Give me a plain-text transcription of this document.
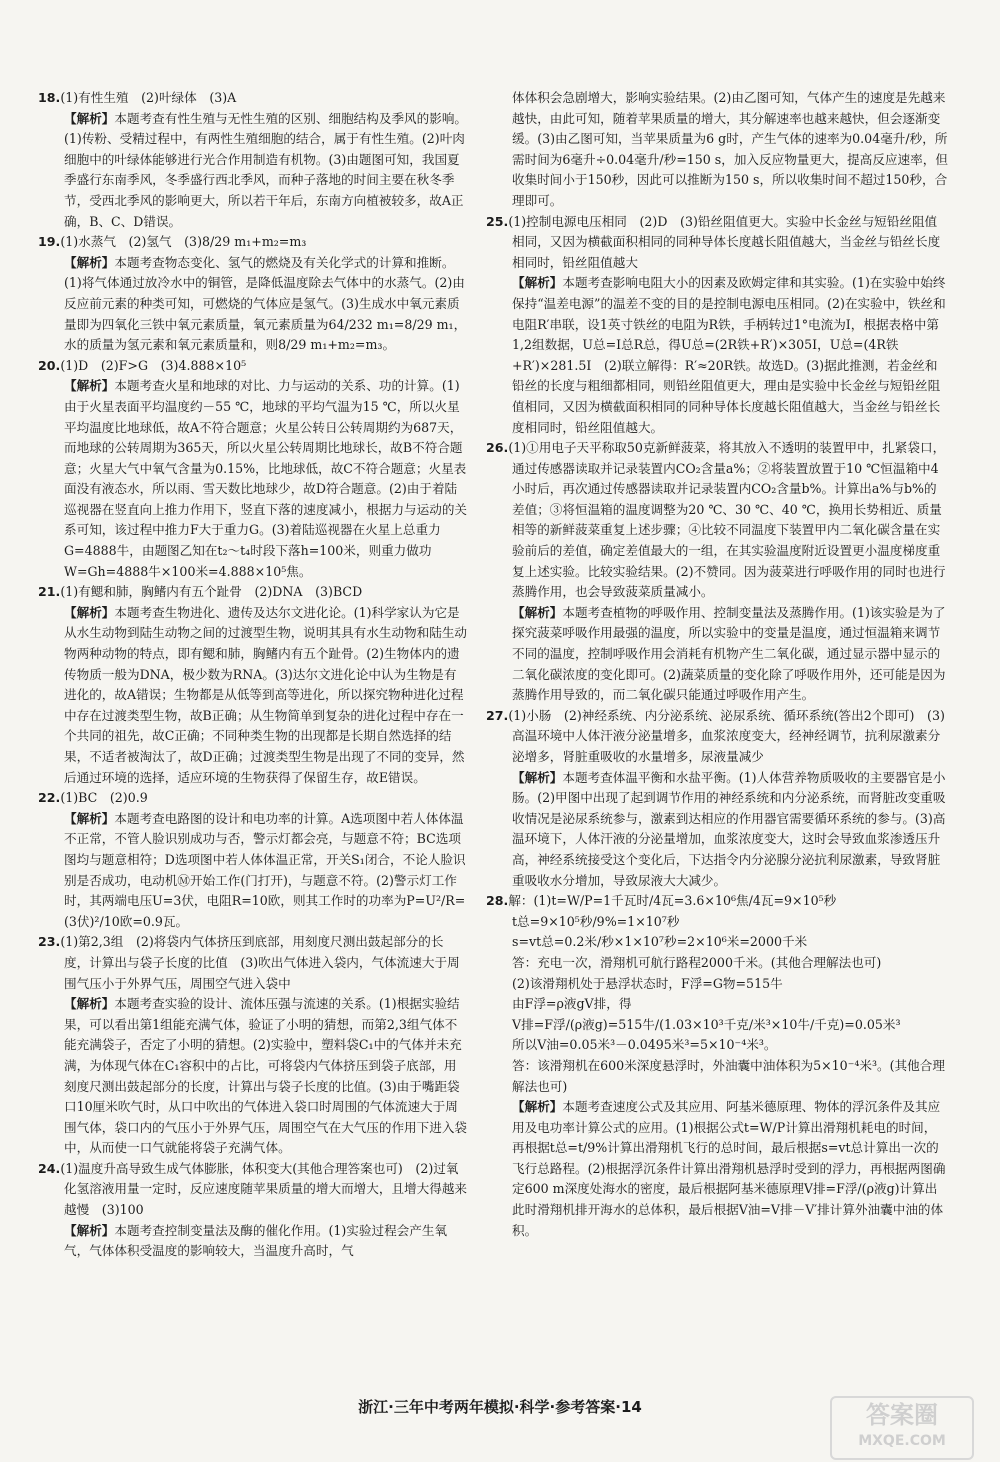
18.(1)有性生殖　(2)叶绿体　(3)A
【解析】本题考查有性生殖与无性生殖的区别、细胞结构及季风的影响。(1)传粉、受精过程中，有两性生殖细胞的结合，属于有性生殖。(2)叶肉细胞中的叶绿体能够进行光合作用制造有机物。(3)由题图可知，我国夏季盛行东南季风，冬季盛行西北季风，而种子落地的时间主要在秋冬季节，受西北季风的影响更大，所以若干年后，东南方向植被较多，故A正确，B、C、D错误。
19.(1)水蒸气　(2)氢气　(3)8/29 m₁+m₂=m₃
【解析】本题考查物态变化、氢气的燃烧及有关化学式的计算和推断。(1)将气体通过放冷水中的铜管，是降低温度除去气体中的水蒸气。(2)由反应前元素的种类可知，可燃烧的气体应是氢气。(3)生成水中氧元素质量即为四氧化三铁中氧元素质量，氧元素质量为64/232 m₁=8/29 m₁，水的质量为氢元素和氧元素质量和，则8/29 m₁+m₂=m₃。
20.(1)D　(2)F>G　(3)4.888×10⁵
【解析】本题考查火星和地球的对比、力与运动的关系、功的计算。(1)由于火星表面平均温度约－55 ℃，地球的平均气温为15 ℃，所以火星平均温度比地球低，故A不符合题意；火星公转日公转周期约为687天，而地球的公转周期为365天，所以火星公转周期比地球长，故B不符合题意；火星大气中氧气含量为0.15%，比地球低，故C不符合题意；火星表面没有液态水，所以雨、雪天数比地球少，故D符合题意。(2)由于着陆巡视器在竖直向上推力作用下，竖直下落的速度减小，根据力与运动的关系可知，该过程中推力F大于重力G。(3)着陆巡视器在火星上总重力G=4888牛，由题图乙知在t₂～t₄时段下落h=100米，则重力做功W=Gh=4888牛×100米=4.888×10⁵焦。
21.(1)有鳃和肺，胸鳍内有五个趾骨　(2)DNA　(3)BCD
【解析】本题考查生物进化、遗传及达尔文进化论。(1)科学家认为它是从水生动物到陆生动物之间的过渡型生物，说明其具有水生动物和陆生动物两种动物的特点，即有鳃和肺，胸鳍内有五个趾骨。(2)生物体内的遗传物质一般为DNA，极少数为RNA。(3)达尔文进化论中认为生物是有进化的，故A错误；生物都是从低等到高等进化，所以探究物种进化过程中存在过渡类型生物，故B正确；从生物简单到复杂的进化过程中存在一个共同的祖先，故C正确；不同种类生物的出现都是长期自然选择的结果，不适者被淘汰了，故D正确；过渡类型生物是出现了不同的变异，然后通过环境的选择，适应环境的生物获得了保留生存，故E错误。
22.(1)BC　(2)0.9
【解析】本题考查电路图的设计和电功率的计算。A选项图中若人体体温不正常，不管人脸识别成功与否，警示灯都会亮，与题意不符；BC选项图均与题意相符；D选项图中若人体体温正常，开关S₁闭合，不论人脸识别是否成功，电动机Ⓜ开始工作(门打开)，与题意不符。(2)警示灯工作时，其两端电压U=3伏，电阻R=10欧，则其工作时的功率为P=U²/R=(3伏)²/10欧=0.9瓦。
23.(1)第2,3组　(2)将袋内气体挤压到底部，用刻度尺测出鼓起部分的长度，计算出与袋子长度的比值　(3)吹出气体进入袋内，气体流速大于周围气压小于外界气压，周围空气进入袋中
【解析】本题考查实验的设计、流体压强与流速的关系。(1)根据实验结果，可以看出第1组能充满气体，验证了小明的猜想，而第2,3组气体不能充满袋子，否定了小明的猜想。(2)实验中，塑料袋C₁中的气体并未充满，为体现气体在C₁容积中的占比，可将袋内气体挤压到袋子底部，用刻度尺测出鼓起部分的长度，计算出与袋子长度的比值。(3)由于嘴距袋口10厘米吹气时，从口中吹出的气体进入袋口时周围的气体流速大于周围气体，袋口内的气压小于外界气压，周围空气在大气压的作用下进入袋中，从而使一口气就能将袋子充满气体。
24.(1)温度升高导致生成气体膨胀，体积变大(其他合理答案也可)　(2)过氧化氢溶液用量一定时，反应速度随苹果质量的增大而增大，且增大得越来越慢　(3)100
【解析】本题考查控制变量法及酶的催化作用。(1)实验过程会产生氧气，气体体积受温度的影响较大，当温度升高时，气
体体积会急剧增大，影响实验结果。(2)由乙图可知，气体产生的速度是先越来越快，由此可知，随着苹果质量的增大，其分解速率也越来越快，但会逐渐变缓。(3)由乙图可知，当苹果质量为6 g时，产生气体的速率为0.04毫升/秒，所需时间为6毫升÷0.04毫升/秒=150 s，加入反应物量更大，提高反应速率，但收集时间小于150秒，因此可以推断为150 s，所以收集时间不超过150秒，合理即可。
25.(1)控制电源电压相同　(2)D　(3)铅丝阻值更大。实验中长金丝与短铅丝阻值相同，又因为横截面积相同的同种导体长度越长阻值越大，当金丝与铅丝长度相同时，铅丝阻值越大
【解析】本题考查影响电阻大小的因素及欧姆定律和其实验。(1)在实验中始终保持“温差电源”的温差不变的目的是控制电源电压相同。(2)在实验中，铁丝和电阻R′串联，设1英寸铁丝的电阻为R铁，手柄转过1°电流为I，根据表格中第1,2组数据，U总=I总R总，得U总=(2R铁+R′)×305I，U总=(4R铁+R′)×281.5I　(2)联立解得：R′≈20R铁。故选D。(3)据此推测，若金丝和铅丝的长度与粗细都相同，则铅丝阻值更大，理由是实验中长金丝与短铅丝阻值相同，又因为横截面积相同的同种导体长度越长阻值越大，当金丝与铅丝长度相同时，铅丝阻值越大。
26.(1)①用电子天平称取50克新鲜菠菜，将其放入不透明的装置甲中，扎紧袋口，通过传感器读取并记录装置内CO₂含量a%；②将装置放置于10 ℃恒温箱中4小时后，再次通过传感器读取并记录装置内CO₂含量b%。计算出a%与b%的差值；③将恒温箱的温度调整为20 ℃、30 ℃、40 ℃，换用长势相近、质量相等的新鲜菠菜重复上述步骤；④比较不同温度下装置甲内二氧化碳含量在实验前后的差值，确定差值最大的一组，在其实验温度附近设置更小温度梯度重复上述实验。比较实验结果。(2)不赞同。因为菠菜进行呼吸作用的同时也进行蒸腾作用，也会导致菠菜质量减小。
【解析】本题考查植物的呼吸作用、控制变量法及蒸腾作用。(1)该实验是为了探究菠菜呼吸作用最强的温度，所以实验中的变量是温度，通过恒温箱来调节不同的温度，控制呼吸作用会消耗有机物产生二氧化碳，通过显示器中显示的二氧化碳浓度的变化即可。(2)蔬菜质量的变化除了呼吸作用外，还可能是因为蒸腾作用导致的，而二氧化碳只能通过呼吸作用产生。
27.(1)小肠　(2)神经系统、内分泌系统、泌尿系统、循环系统(答出2个即可)　(3)高温环境中人体汗液分泌量增多，血浆浓度变大，经神经调节，抗利尿激素分泌增多，肾脏重吸收的水量增多，尿液量减少
【解析】本题考查体温平衡和水盐平衡。(1)人体营养物质吸收的主要器官是小肠。(2)甲图中出现了起到调节作用的神经系统和内分泌系统，而肾脏改变重吸收情况是泌尿系统参与，激素到达相应的作用器官需要循环系统的参与。(3)高温环境下，人体汗液的分泌量增加，血浆浓度变大，这时会导致血浆渗透压升高，神经系统接受这个变化后，下达指令内分泌腺分泌抗利尿激素，导致肾脏重吸收水分增加，导致尿液大大减少。
28.解：(1)t=W/P=1千瓦时/4瓦=3.6×10⁶焦/4瓦=9×10⁵秒
t总=9×10⁵秒/9%=1×10⁷秒
s=vt总=0.2米/秒×1×10⁷秒=2×10⁶米=2000千米
答：充电一次，滑翔机可航行路程2000千米。(其他合理解法也可)
(2)该滑翔机处于悬浮状态时，F浮=G物=515牛
由F浮=ρ液gV排，得
V排=F浮/(ρ液g)=515牛/(1.03×10³千克/米³×10牛/千克)=0.05米³
所以V油=0.05米³－0.0495米³=5×10⁻⁴米³。
答：该滑翔机在600米深度悬浮时，外油囊中油体积为5×10⁻⁴米³。(其他合理解法也可)
【解析】本题考查速度公式及其应用、阿基米德原理、物体的浮沉条件及其应用及电功率计算公式的应用。(1)根据公式t=W/P计算出滑翔机耗电的时间，再根据t总=t/9%计算出滑翔机飞行的总时间，最后根据s=vt总计算出一次的飞行总路程。(2)根据浮沉条件计算出滑翔机悬浮时受到的浮力，再根据两图确定600 m深度处海水的密度，最后根据阿基米德原理V排=F浮/(ρ液g)计算出此时滑翔机排开海水的总体积，最后根据V油=V排－V′排计算外油囊中油的体积。
浙江·三年中考两年模拟·科学·参考答案·14	答案圈
MXQE.COM
